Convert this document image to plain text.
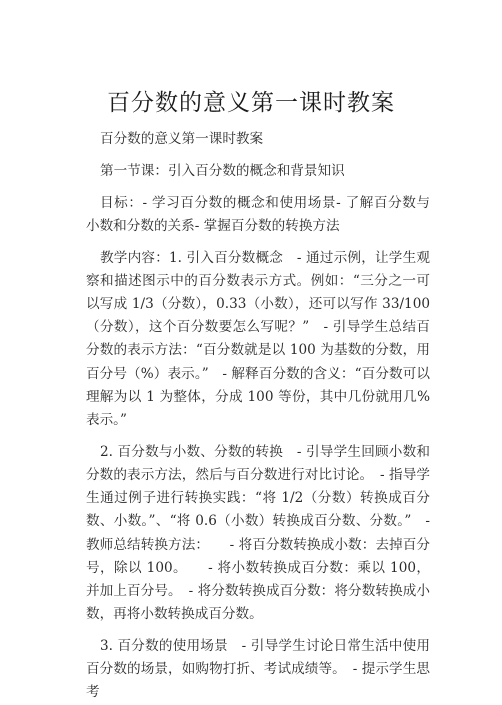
百分数的意义第一课时教案

百分数的意义第一课时教案

第一节课：引入百分数的概念和背景知识

目标：- 学习百分数的概念和使用场景- 了解百分数与小数和分数的关系- 掌握百分数的转换方法

教学内容：1. 引入百分数概念　- 通过示例，让学生观察和描述图示中的百分数表示方式。例如：“三分之一可以写成 1/3（分数），0.33（小数），还可以写作 33/100（分数），这个百分数要怎么写呢？”　- 引导学生总结百分数的表示方法：“百分数就是以 100 为基数的分数，用百分号（%）表示。”　- 解释百分数的含义：“百分数可以理解为以 1 为整体，分成 100 等份，其中几份就用几%表示。”

2. 百分数与小数、分数的转换　- 引导学生回顾小数和分数的表示方法，然后与百分数进行对比讨论。　- 指导学生通过例子进行转换实践：“将 1/2（分数）转换成百分数、小数。”、“将 0.6（小数）转换成百分数、分数。”　- 教师总结转换方法：　　- 将百分数转换成小数：去掉百分号，除以 100。　　- 将小数转换成百分数：乘以 100，并加上百分号。　- 将分数转换成百分数：将分数转换成小数，再将小数转换成百分数。

3. 百分数的使用场景　- 引导学生讨论日常生活中使用百分数的场景，如购物打折、考试成绩等。　- 提示学生思考
